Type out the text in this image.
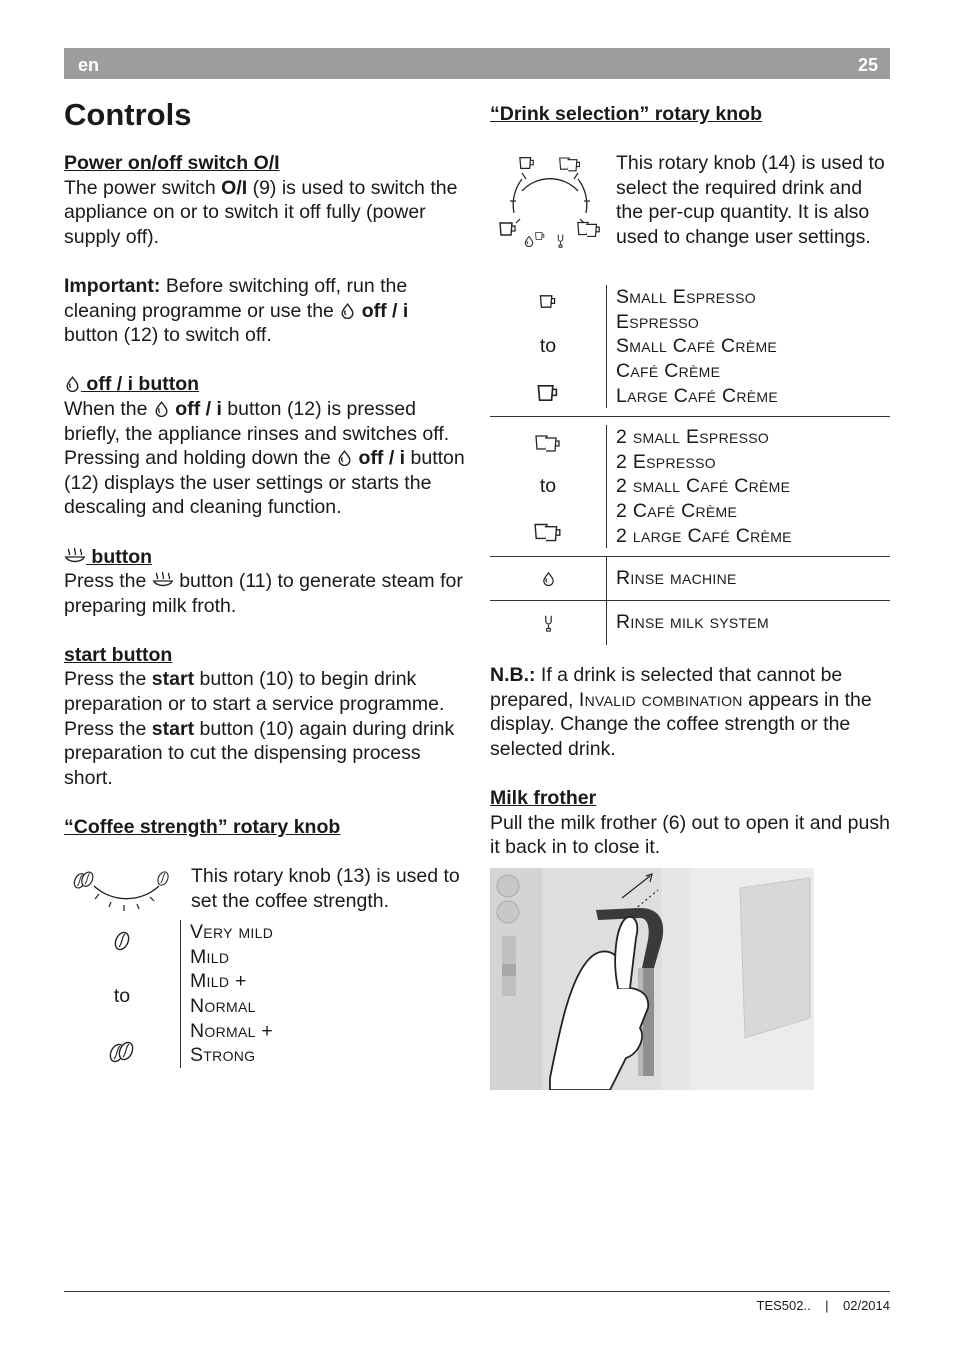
en	25
Controls

Power on/off switch O/I

The power switch O/I (9) is used to switch the appliance on or to switch it off fully (power supply off).

Important: Before switching off, run the cleaning programme or use the  off / i button (12) to switch off.

off / i button

When the  off / i button (12) is pressed briefly, the appliance rinses and switches off. Pressing and holding down the  off / i button (12) displays the user settings or starts the descaling and cleaning function.

button

Press the  button (11) to generate steam for preparing milk froth.

start button

Press the start button (10) to begin drink preparation or to start a service programme. Press the start button (10) again during drink preparation to cut the dispensing process short.

“Coffee strength” rotary knob

This rotary knob (13) is used to set the coffee strength.

to
Very mild
Mild
Mild +
Normal
Normal +
Strong

“Drink selection” rotary knob

This rotary knob (14) is used to select the required drink and the per-cup quantity. It is also used to change user settings.

to
Small Espresso
Espresso
Small Café Crème
Café Crème
Large Café Crème
to
2 small Espresso
2 Espresso
2 small Café Crème
2 Café Crème
2 large Café Crème
Rinse machine
Rinse milk system

N.B.: If a drink is selected that cannot be prepared, Invalid combination appears in the display. Change the coffee strength or the selected drink.

Milk frother

Pull the milk frother (6) out to open it and push it back in to close it.

TES502.. | 02/2014
